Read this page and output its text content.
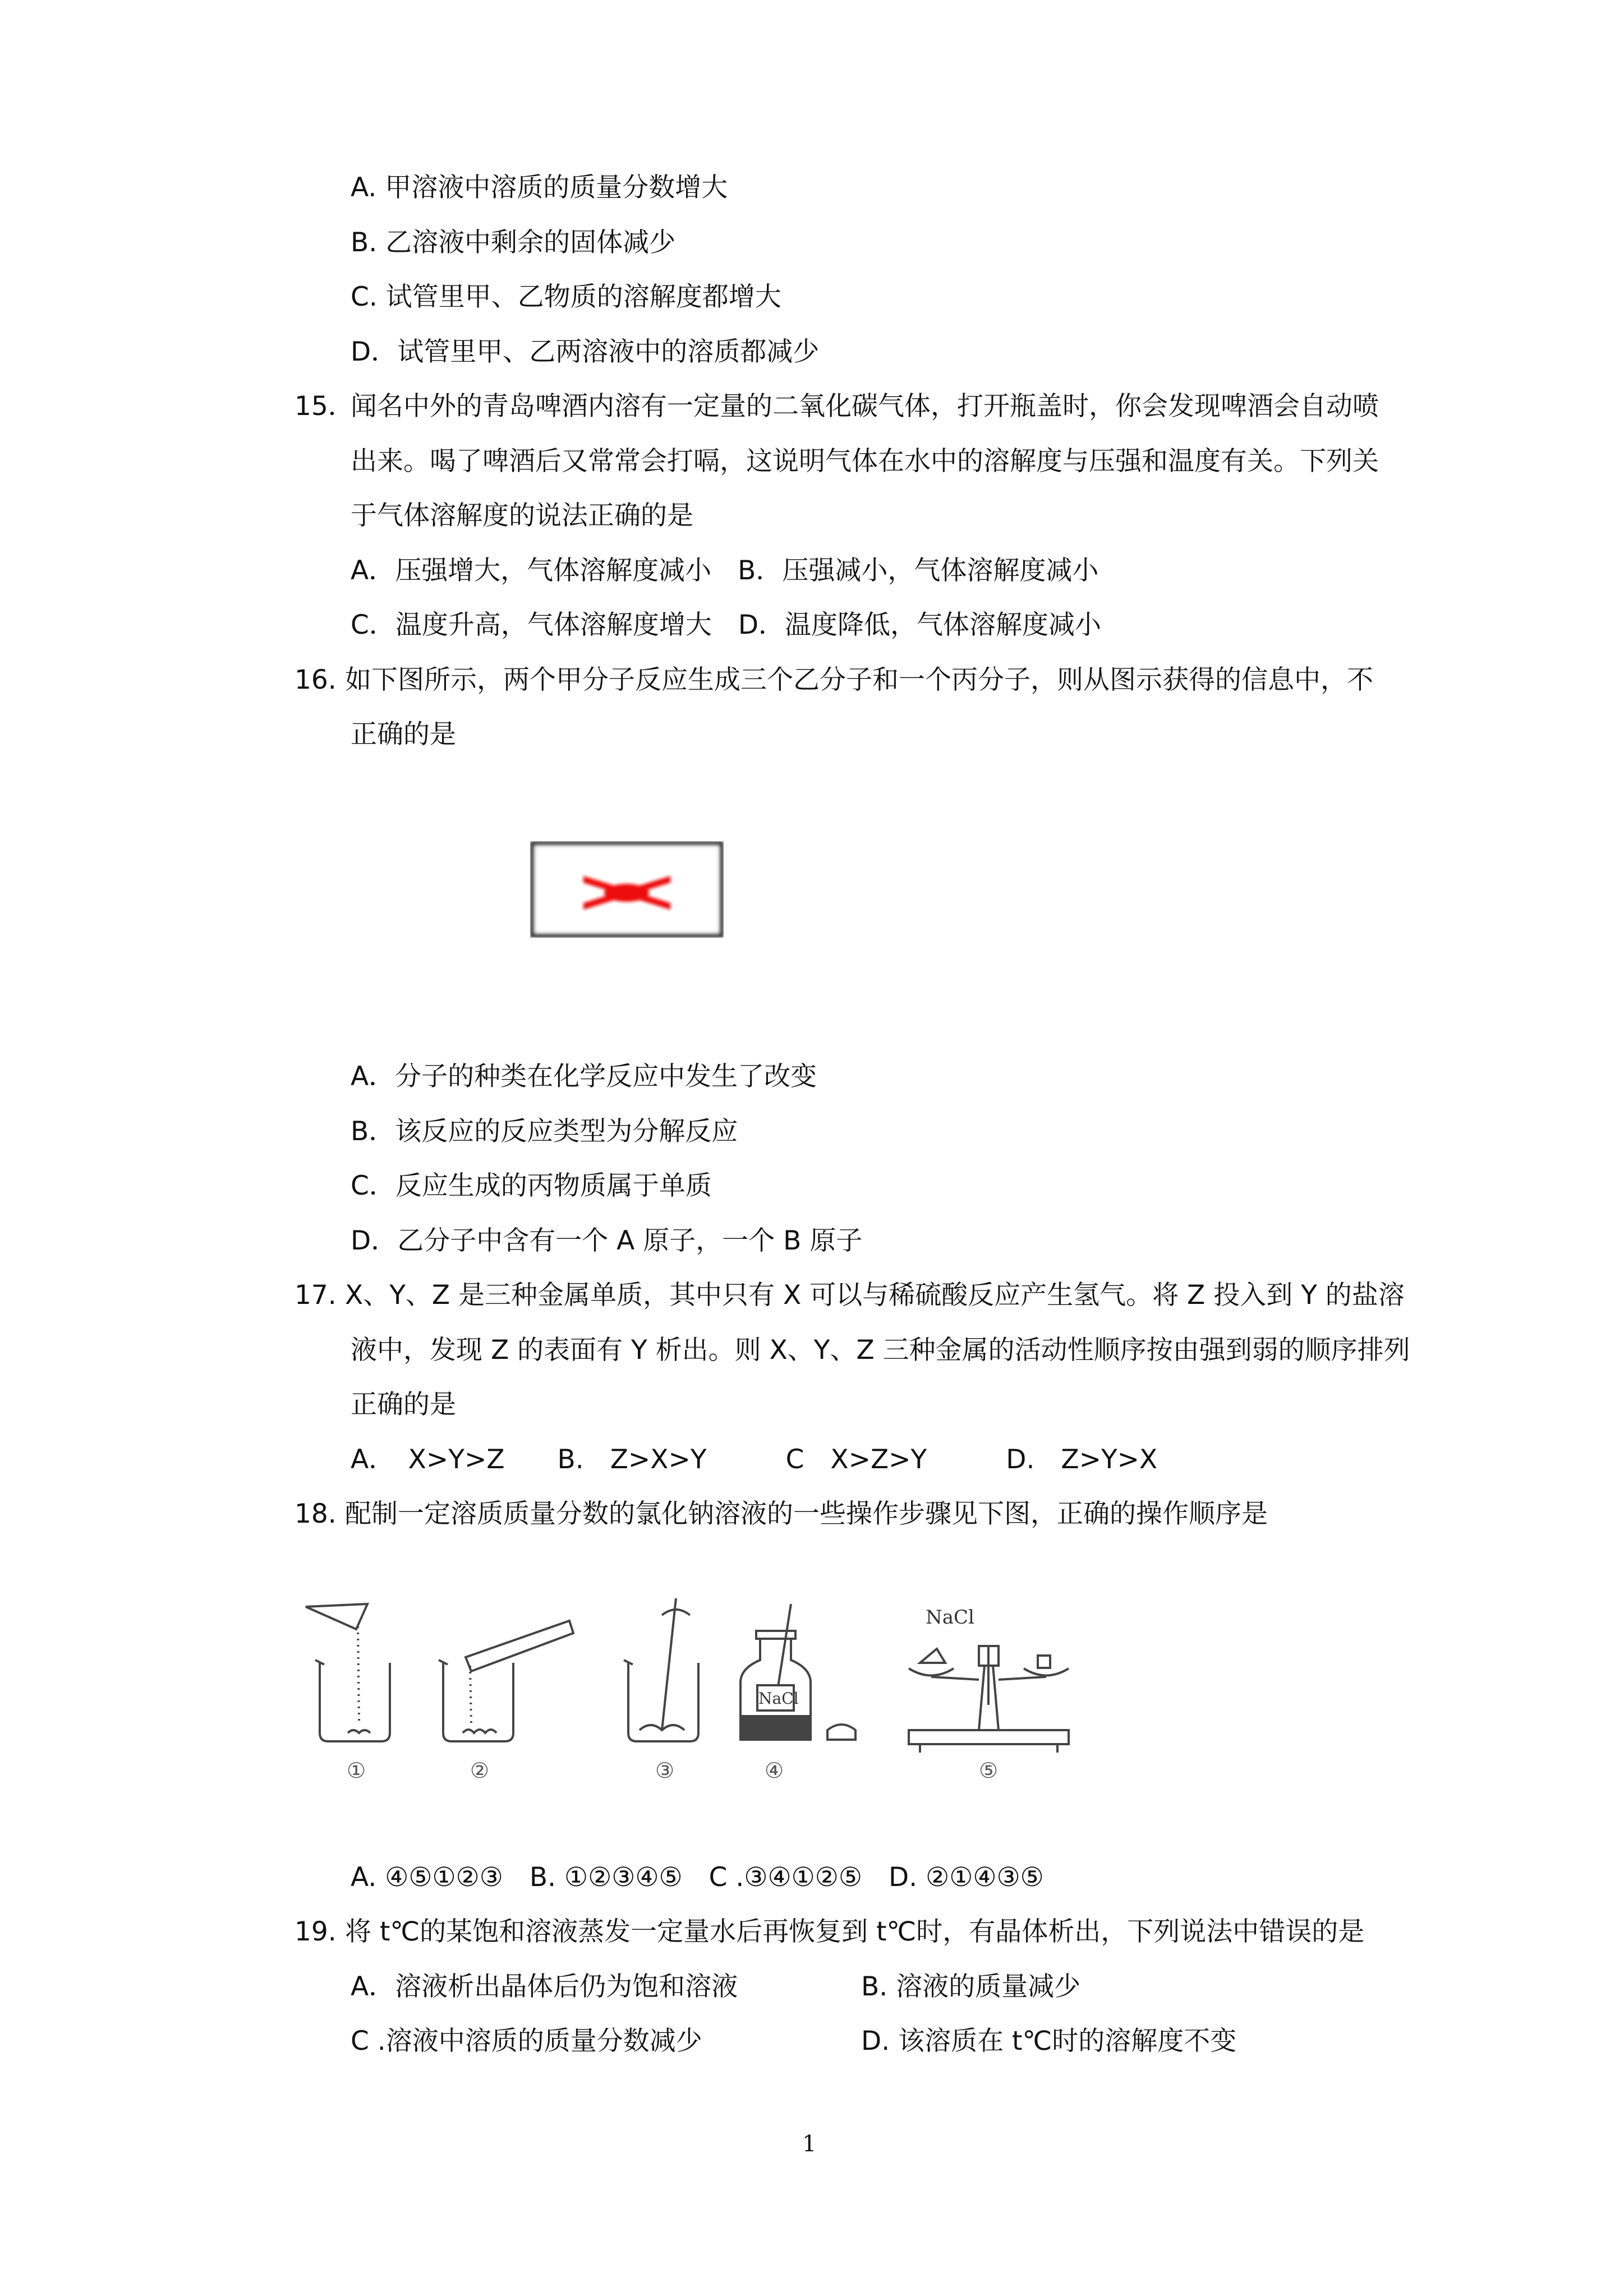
A. 甲溶液中溶质的质量分数增大
B. 乙溶液中剩余的固体减少
C. 试管里甲、乙物质的溶解度都增大
D．试管里甲、乙两溶液中的溶质都减少
15．
闻名中外的青岛啤酒内溶有一定量的二氧化碳气体，打开瓶盖时，你会发现啤酒会自动喷
出来。喝了啤酒后又常常会打嗝，这说明气体在水中的溶解度与压强和温度有关。下列关
于气体溶解度的说法正确的是
A．压强增大，气体溶解度减小　B．压强减小，气体溶解度减小
C．温度升高，气体溶解度增大　D．温度降低，气体溶解度减小
16. 如下图所示，两个甲分子反应生成三个乙分子和一个丙分子，则从图示获得的信息中，不
正确的是
A．分子的种类在化学反应中发生了改变
B．该反应的反应类型为分解反应
C．反应生成的丙物质属于单质
D．乙分子中含有一个 A 原子，一个 B 原子
17. X、Y、Z 是三种金属单质，其中只有 X 可以与稀硫酸反应产生氢气。将 Z 投入到 Y 的盐溶
液中，发现 Z 的表面有 Y 析出。则 X、Y、Z 三种金属的活动性顺序按由强到弱的顺序排列
正确的是
A．　X>Y>Z　　B.　Z>X>Y　　　C　X>Z>Y　　　D.　Z>Y>X
18. 配制一定溶质质量分数的氯化钠溶液的一些操作步骤见下图，正确的操作顺序是
NaCl
NaCl
①	②	③	④	⑤
A. ④⑤①②③　B. ①②③④⑤　C .③④①②⑤　D. ②①④③⑤
19. 将 t℃的某饱和溶液蒸发一定量水后再恢复到 t℃时，有晶体析出，下列说法中错误的是
A．溶液析出晶体后仍为饱和溶液	B. 溶液的质量减少
C .溶液中溶质的质量分数减少	D. 该溶质在 t℃时的溶解度不变
1
